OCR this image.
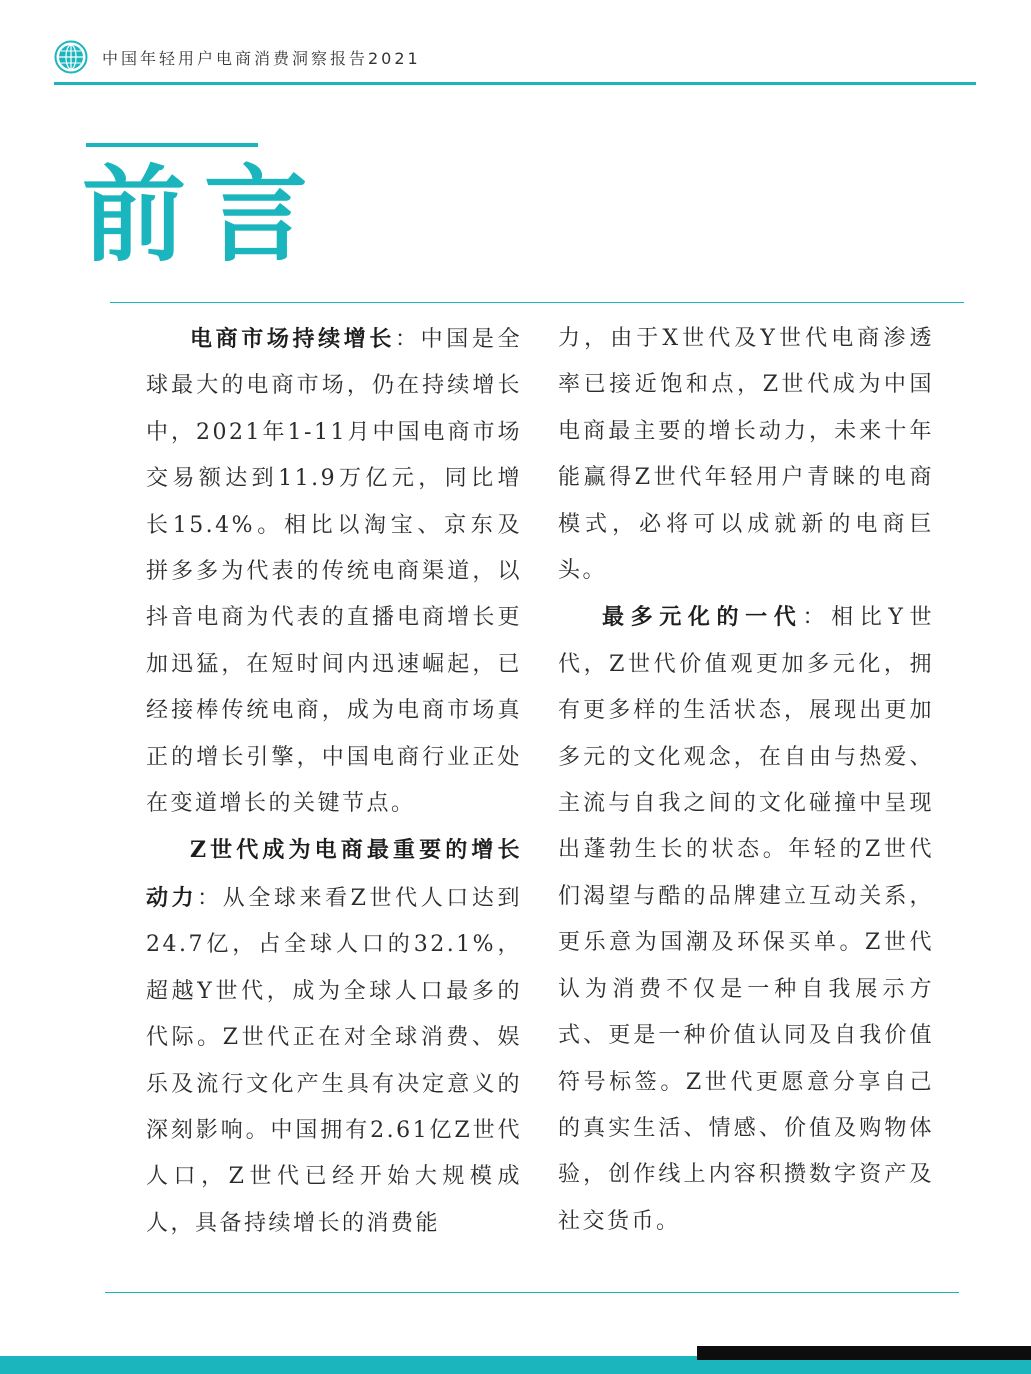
中国年轻用户电商消费洞察报告2021
前言

电商市场持续增长：中国是全球最大的电商市场，仍在持续增长中，2021年1-11月中国电商市场交易额达到11.9万亿元，同比增长15.4%。相比以淘宝、京东及拼多多为代表的传统电商渠道，以抖音电商为代表的直播电商增长更加迅猛，在短时间内迅速崛起，已经接棒传统电商，成为电商市场真正的增长引擎，中国电商行业正处在变道增长的关键节点。

Z世代成为电商最重要的增长动力：从全球来看Z世代人口达到24.7亿，占全球人口的32.1%，超越Y世代，成为全球人口最多的代际。Z世代正在对全球消费、娱乐及流行文化产生具有决定意义的深刻影响。中国拥有2.61亿Z世代人口，Z世代已经开始大规模成人，具备持续增长的消费能

力，由于X世代及Y世代电商渗透率已接近饱和点，Z世代成为中国电商最主要的增长动力，未来十年能赢得Z世代年轻用户青睐的电商模式，必将可以成就新的电商巨头。

最多元化的一代：相比Y世代，Z世代价值观更加多元化，拥有更多样的生活状态，展现出更加多元的文化观念，在自由与热爱、主流与自我之间的文化碰撞中呈现出蓬勃生长的状态。年轻的Z世代们渴望与酷的品牌建立互动关系，更乐意为国潮及环保买单。Z世代认为消费不仅是一种自我展示方式、更是一种价值认同及自我价值符号标签。Z世代更愿意分享自己的真实生活、情感、价值及购物体验，创作线上内容积攒数字资产及社交货币。
